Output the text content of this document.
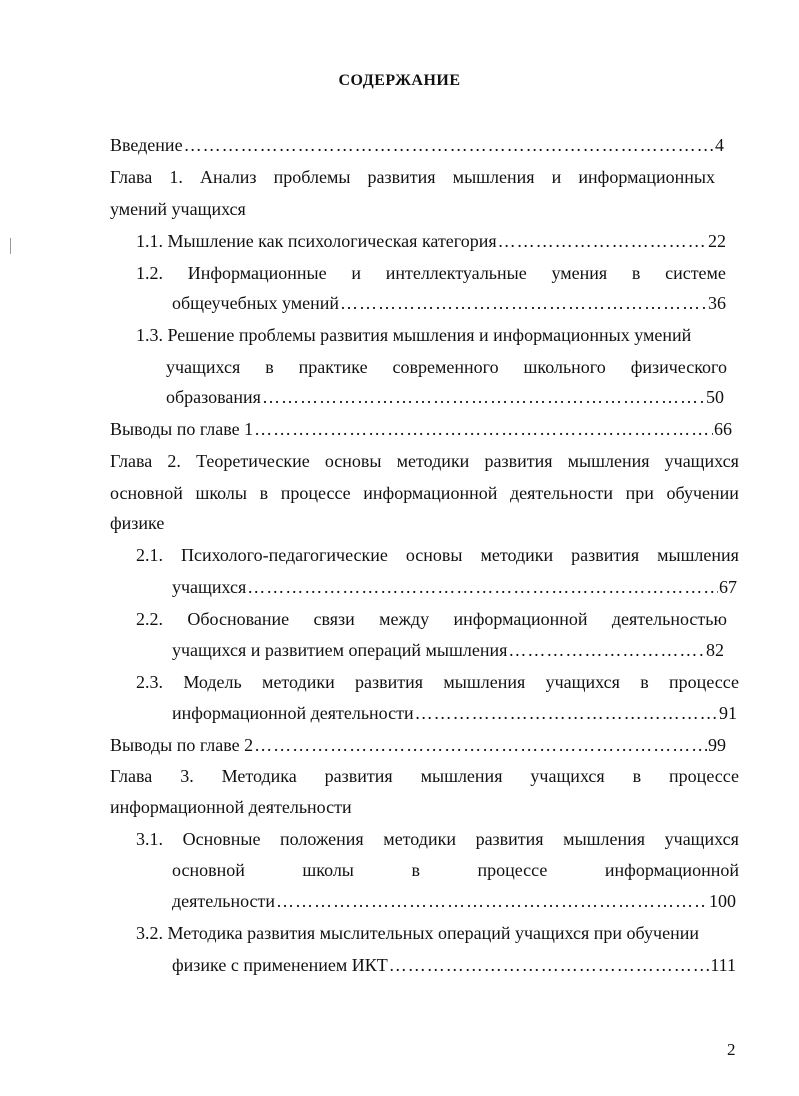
СОДЕРЖАНИЕ
Введение ……………………………………………………………………………………………………………………………………………………………………	4
Глава 1. Анализ проблемы развития мышления и информационных
умений учащихся
1.1. Мышление как психологическая категория ……………………………………………………………………………………………………………………………………………………………………	22
1.2. Информационные и интеллектуальные умения в системе
общеучебных умений ……………………………………………………………………………………………………………………………………………………………………	36
1.3. Решение проблемы развития мышления и информационных умений
учащихся в практике современного школьного физического
образования ……………………………………………………………………………………………………………………………………………………………………	50
Выводы по главе 1 ……………………………………………………………………………………………………………………………………………………………………	66
Глава 2. Теоретические основы методики развития мышления учащихся
основной школы в процессе информационной деятельности при обучении
физике
2.1. Психолого-педагогические основы методики развития мышления
учащихся ……………………………………………………………………………………………………………………………………………………………………	67
2.2. Обоснование связи между информационной деятельностью
учащихся и развитием операций мышления ……………………………………………………………………………………………………………………………………………………………………	82
2.3. Модель методики развития мышления учащихся в процессе
информационной деятельности ……………………………………………………………………………………………………………………………………………………………………	91
Выводы по главе 2 ……………………………………………………………………………………………………………………………………………………………………	99
Глава 3. Методика развития мышления учащихся в процессе
информационной деятельности
3.1. Основные положения методики развития мышления учащихся
основной	школы	в	процессе	информационной
деятельности ……………………………………………………………………………………………………………………………………………………………………	100
3.2. Методика развития мыслительных операций учащихся при обучении
физике с применением ИКТ ……………………………………………………………………………………………………………………………………………………………………	111
2
